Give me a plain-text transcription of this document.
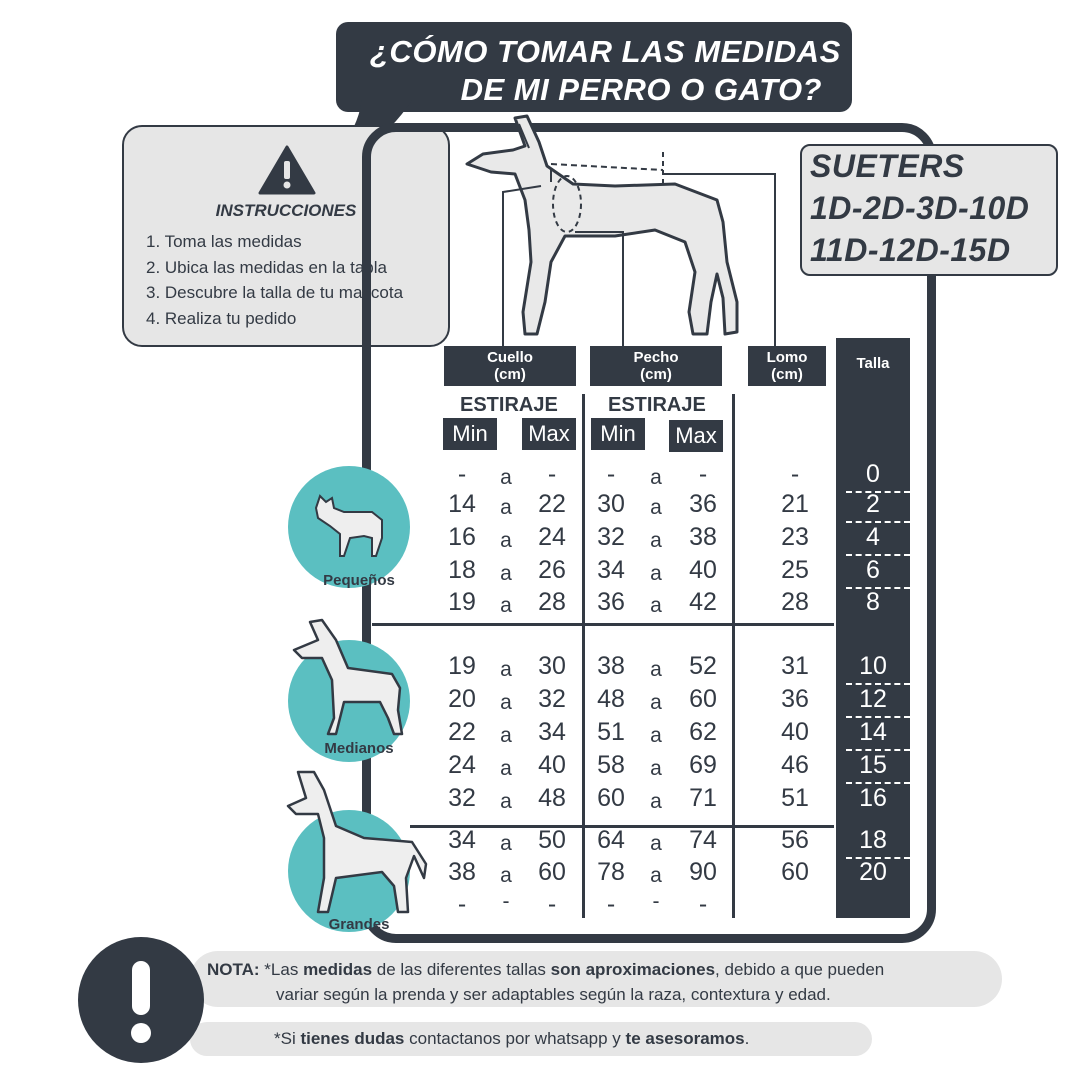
¿CÓMO TOMAR LAS MEDIDAS
DE MI PERRO O GATO?
INSTRUCCIONES
1. Toma las medidas
2. Ubica las medidas en la tabla
3. Descubre la talla de tu mascota
4. Realiza tu pedido
SUETERS
1D-2D-3D-10D
11D-12D-15D
Cuello
(cm)
Pecho
(cm)
Lomo
(cm)
Talla
ESTIRAJE	ESTIRAJE
Min	Max	Min	Max
Pequeños
Medianos
Grandes
-	a	-	-	a	-	-	0
14	a	22	30	a	36	21	2
16	a	24	32	a	38	23	4
18	a	26	34	a	40	25	6
19	a	28	36	a	42	28	8
19	a	30	38	a	52	31	10
20	a	32	48	a	60	36	12
22	a	34	51	a	62	40	14
24	a	40	58	a	69	46	15
32	a	48	60	a	71	51	16
34	a	50	64	a	74	56	18
38	a	60	78	a	90	60	20
-	-	-	-	-	-
NOTA: *Las medidas de las diferentes tallas son aproximaciones, debido a que pueden
variar según la prenda y ser adaptables según la raza, contextura y edad.
*Si tienes dudas contactanos por whatsapp y te asesoramos.
